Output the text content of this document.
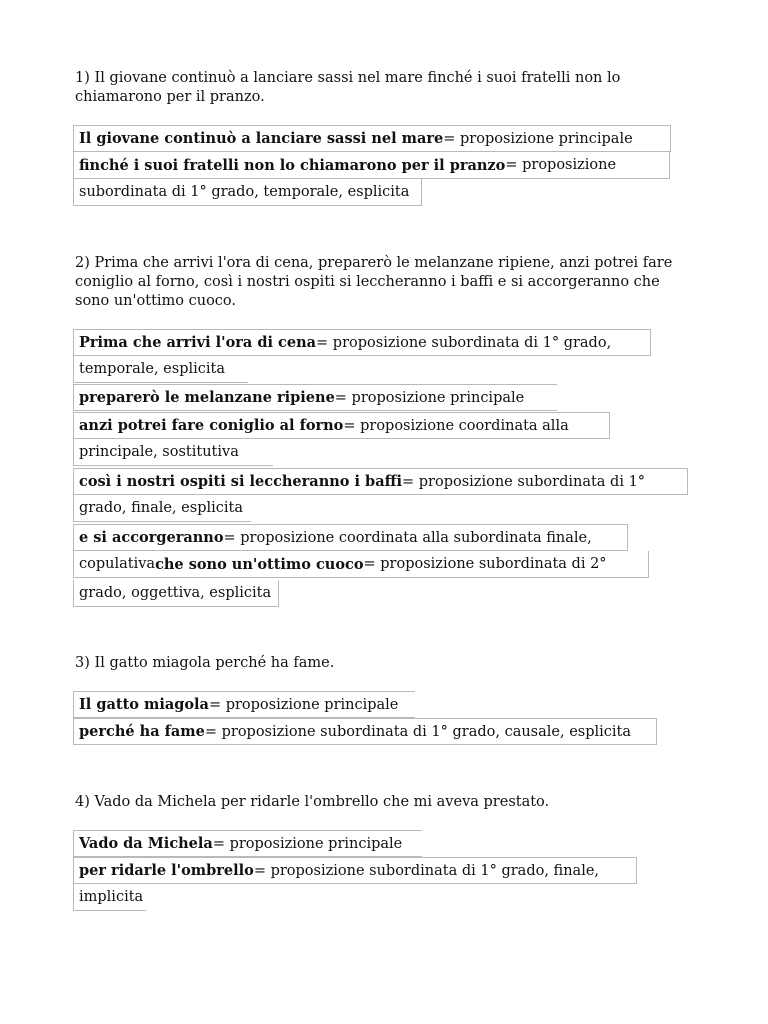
1) Il giovane continuò a lanciare sassi nel mare finché i suoi fratelli non lo chiamarono per il pranzo.

Il giovane continuò a lanciare sassi nel mare = proposizione principale
finché i suoi fratelli non lo chiamarono per il pranzo = proposizione
subordinata di 1° grado, temporale, esplicita

2) Prima che arrivi l'ora di cena, preparerò le melanzane ripiene, anzi potrei fare coniglio al forno, così i nostri ospiti si leccheranno i baffi e si accorgeranno che sono un'ottimo cuoco.

Prima che arrivi l'ora di cena = proposizione subordinata di 1° grado,
temporale, esplicita
preparerò le melanzane ripiene = proposizione principale
anzi potrei fare coniglio al forno = proposizione coordinata alla
principale, sostitutiva
così i nostri ospiti si leccheranno i baffi = proposizione subordinata di 1°
grado, finale, esplicita
e si accorgeranno = proposizione coordinata alla subordinata finale,
copulativa che sono un'ottimo cuoco = proposizione subordinata di 2°
grado, oggettiva, esplicita

3) Il gatto miagola perché ha fame.

Il gatto miagola = proposizione principale
perché ha fame = proposizione subordinata di 1° grado, causale, esplicita

4) Vado da Michela per ridarle l'ombrello che mi aveva prestato.

Vado da Michela = proposizione principale
per ridarle l'ombrello = proposizione subordinata di 1° grado, finale,
implicita
